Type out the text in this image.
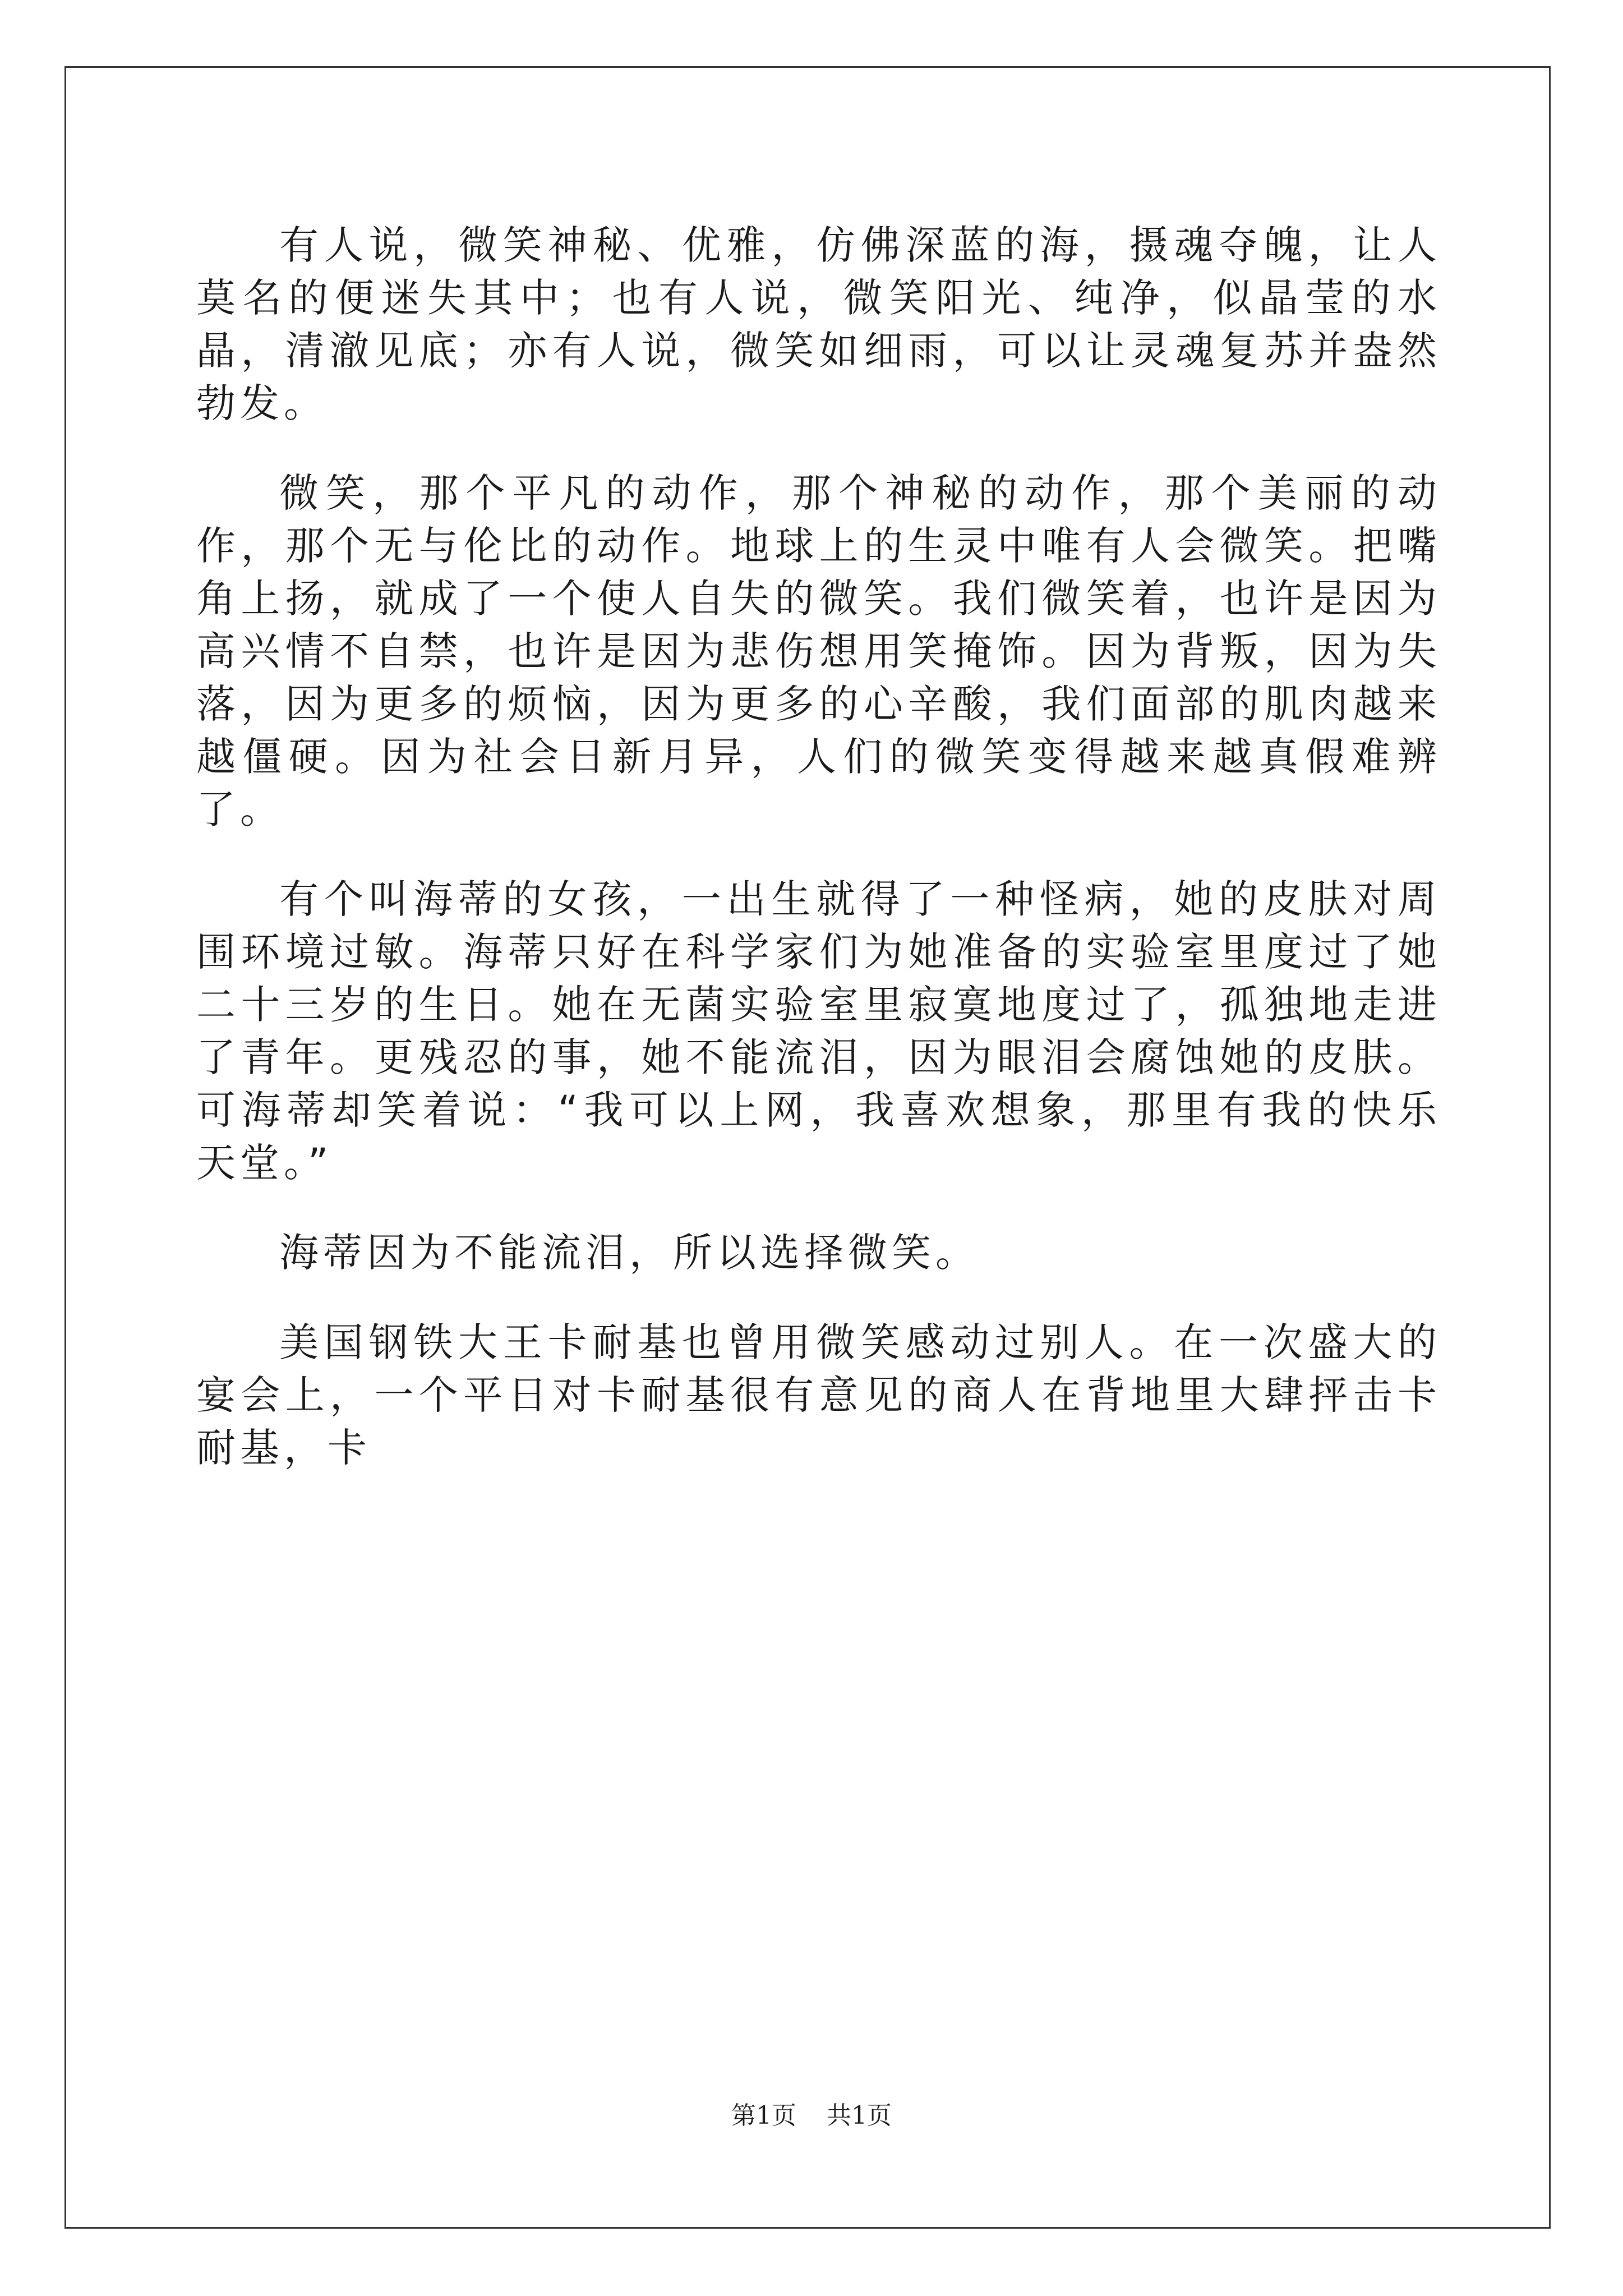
有人说，微笑神秘、优雅，仿佛深蓝的海，摄魂夺魄，让人莫名的便迷失其中；也有人说，微笑阳光、纯净，似晶莹的水晶，清澈见底；亦有人说，微笑如细雨，可以让灵魂复苏并盎然勃发。

微笑，那个平凡的动作，那个神秘的动作，那个美丽的动作，那个无与伦比的动作。地球上的生灵中唯有人会微笑。把嘴角上扬，就成了一个使人自失的微笑。我们微笑着，也许是因为高兴情不自禁，也许是因为悲伤想用笑掩饰。因为背叛，因为失落，因为更多的烦恼，因为更多的心辛酸，我们面部的肌肉越来越僵硬。因为社会日新月异，人们的微笑变得越来越真假难辨了。

有个叫海蒂的女孩，一出生就得了一种怪病，她的皮肤对周围环境过敏。海蒂只好在科学家们为她准备的实验室里度过了她二十三岁的生日。她在无菌实验室里寂寞地度过了，孤独地走进了青年。更残忍的事，她不能流泪，因为眼泪会腐蚀她的皮肤。可海蒂却笑着说：“我可以上网，我喜欢想象，那里有我的快乐天堂。”

海蒂因为不能流泪，所以选择微笑。

美国钢铁大王卡耐基也曾用微笑感动过别人。在一次盛大的宴会上，一个平日对卡耐基很有意见的商人在背地里大肆抨击卡耐基，卡

第1页 共1页
